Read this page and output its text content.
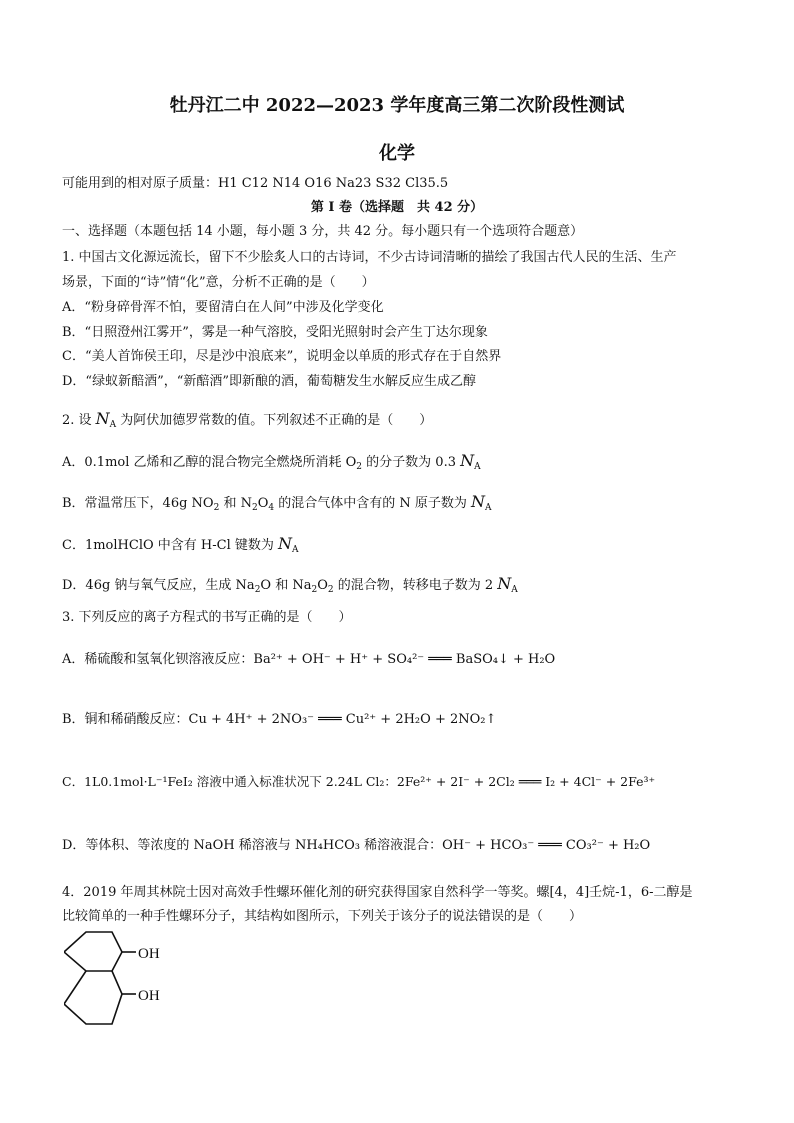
牡丹江二中 2022—2023 学年度高三第二次阶段性测试
化学
可能用到的相对原子质量：H1 C12 N14 O16 Na23 S32 Cl35.5
第 I 卷（选择题　共 42 分）
一、选择题（本题包括 14 小题，每小题 3 分，共 42 分。每小题只有一个选项符合题意）
1. 中国古文化源远流长，留下不少脍炙人口的古诗词，不少古诗词清晰的描绘了我国古代人民的生活、生产
场景，下面的“诗”情“化”意，分析不正确的是（　　）
A．“粉身碎骨浑不怕，要留清白在人间”中涉及化学变化
B．“日照澄州江雾开”，雾是一种气溶胶，受阳光照射时会产生丁达尔现象
C．“美人首饰侯王印，尽是沙中浪底来”，说明金以单质的形式存在于自然界
D．“绿蚁新醅酒”，“新醅酒”即新酿的酒，葡萄糖发生水解反应生成乙醇
2. 设 $N_A$ 为阿伏加德罗常数的值。下列叙述不正确的是（　　）
A．0.1mol 乙烯和乙醇的混合物完全燃烧所消耗 $O_2$ 的分子数为 0.3 $N_A$
B．常温常压下，46g $NO_2$ 和 $N_2O_4$ 的混合气体中含有的 N 原子数为 $N_A$
C．1molHClO 中含有 H-Cl 键数为 $N_A$
D．46g 钠与氧气反应，生成 $Na_2O$ 和 $Na_2O_2$ 的混合物，转移电子数为 2 $N_A$
3. 下列反应的离子方程式的书写正确的是（　　）
A．稀硫酸和氢氧化钡溶液反应：Ba²⁺ + OH⁻ + H⁺ + SO₄²⁻ ═══ BaSO₄↓ + H₂O
B．铜和稀硝酸反应：Cu + 4H⁺ + 2NO₃⁻ ═══ Cu²⁺ + 2H₂O + 2NO₂↑
C．1L0.1mol·L⁻¹FeI₂ 溶液中通入标准状况下 2.24L Cl₂：2Fe²⁺ + 2I⁻ + 2Cl₂ ═══ I₂ + 4Cl⁻ + 2Fe³⁺
D．等体积、等浓度的 NaOH 稀溶液与 NH₄HCO₃ 稀溶液混合：OH⁻ + HCO₃⁻ ═══ CO₃²⁻ + H₂O
4．2019 年周其林院士因对高效手性螺环催化剂的研究获得国家自然科学一等奖。螺[4，4]壬烷-1，6-二醇是
比较简单的一种手性螺环分子，其结构如图所示，下列关于该分子的说法错误的是（　　）
OH
OH
